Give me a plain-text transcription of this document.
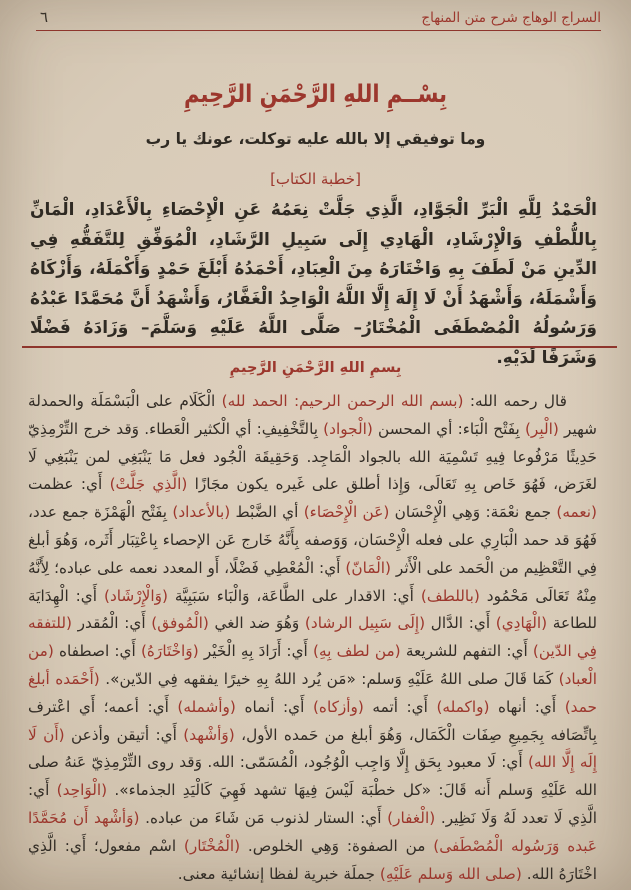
السراج الوهاج شرح متن المنهاج
٦
بِسْــمِ اللهِ الرَّحْمَنِ الرَّحِيمِ
وما توفيقي إلا بالله عليه توكلت، عونك يا رب
[خطبة الكتاب]

الْحَمْدُ لِلَّهِ الْبَرِّ الْجَوَّادِ، الَّذِي جَلَّتْ نِعَمُهُ عَنِ الْإِحْصَاءِ بِالْأَعْدَادِ، الْمَانِّ بِاللُّطْفِ وَالْإِرْشَادِ، الْهَادِي إِلَى سَبِيلِ الرَّشَادِ، الْمُوَفِّقِ لِلتَّفَقُّهِ فِي الدِّينِ مَنْ لَطَفَ بِهِ وَاخْتَارَهُ مِنَ الْعِبَادِ، أَحْمَدُهُ أَبْلَغَ حَمْدٍ وَأَكْمَلَهُ، وَأَزْكَاهُ وَأَشْمَلَهُ، وَأَشْهَدُ أَنْ لَا إِلَهَ إِلَّا اللَّهُ الْوَاحِدُ الْغَفَّارُ، وَأَشْهَدُ أَنَّ مُحَمَّدًا عَبْدُهُ وَرَسُولُهُ الْمُصْطَفَى الْمُخْتَارُ– صَلَّى اللَّهُ عَلَيْهِ وَسَلَّمَ– وَزَادَهُ فَضْلًا وَشَرَفًا لَدَيْهِ.

بِسمِ اللهِ الرَّحْمَنِ الرَّحِيمِ

قال رحمه الله: (بسم الله الرحمن الرحيم: الحمد لله) الْكَلَام على الْبَسْمَلَة والحمدلة شهير (الْبِر) بِفَتْح الْبَاء: أي المحسن (الْجواد) بِالتَّخْفِيفِ: أي الْكثير الْعَطاء. وَقد خرج التِّرْمِذِيّ حَدِيثًا مَرْفُوعا فِيهِ تَسْمِيَة الله بالجواد الْمَاجِد. وَحَقِيقَة الْجُود فعل مَا يَنْبَغِي لمن يَنْبَغِي لَا لغَرَض، فَهُوَ خَاص بِهِ تَعَالَى، وَإِذا أطلق على غَيره يكون مجَازًا (الَّذِي جَلَّتْ) أَي: عظمت (نعمه) جمع نعْمَة: وَهِي الْإِحْسَان (عَن الْإِحْصَاء) أي الضَّبْط (بالأعداد) بِفَتْح الْهَمْزَة جمع عدد، فَهُوَ قد حمد الْبَارِي على فعله الْإِحْسَان، وَوَصفه بِأَنَّهُ خَارج عَن الإحصاء بِاعْتِبَار أَثَره، وَهُوَ أبلغ فِي التَّعْظِيم من الْحَمد على الْأَثر (الْمَانّ) أَي: الْمُعْطِي فَضْلًا، أَو المعدد نعمه على عباده؛ لِأَنَّهُ مِنْهُ تَعَالَى مَحْمُود (باللطف) أَي: الاقدار على الطَّاعَة، وَالْبَاء سَبَبِيَّة (وَالْإِرْشَاد) أَي: الْهِدَايَة للطاعة (الْهَادِي) أَي: الدَّال (إِلَى سَبِيل الرشاد) وَهُوَ ضد الغي (الْمُوفق) أَي: الْمُقدر (للتفقه فِي الدّين) أَي: التفهم للشريعة (من لطف بِهِ) أَي: أَرَادَ بِهِ الْخَيْر (وَاخْتَارَهُ) أَي: اصطفاه (من الْعباد) كَمَا قَالَ صلى اللهُ عَلَيْهِ وَسلم: «مَن يُرد اللهُ بِهِ خيرًا يفقهه فِي الدّين». (أَحْمَده أبلغ حمد) أَي: أنهاه (واكمله) أَي: أتمه (وأزكاه) أَي: أنماه (وأشمله) أَي: أعمه؛ أَي اعْترف بِاتِّصَافه بِجَمِيعِ صِفَات الْكَمَال، وَهُوَ أبلغ من حَمده الأول، (وَأشْهد) أَي: أتيقن وأذعن (أَن لَا إِلَه إِلَّا الله) أَي: لَا معبود بِحَق إِلَّا وَاجِب الْوُجُود، الْمُسَمّى: الله. وَقد روى التِّرْمِذِيّ عَنهُ صلى الله عَلَيْهِ وَسلم أَنه قَالَ: «كل خطْبَة لَيْسَ فِيهَا تشهد فَهِيَ كَالْيَدِ الجذماء». (الْوَاحِد) أَي: الَّذِي لَا تعدد لَهُ وَلَا نَظِير. (الْغفار) أَي: الستار لذنوب مَن شَاءَ من عباده. (وَأشْهد أَن مُحَمَّدًا عَبده وَرَسُوله الْمُصْطَفى) من الصفوة: وَهِي الخلوص. (الْمُخْتَار) اسْم مفعول؛ أَي: الَّذِي اخْتَارَهُ الله. (صلى الله وَسلم عَلَيْهِ) جملَة خبرية لفظا إنشائية معنى.
